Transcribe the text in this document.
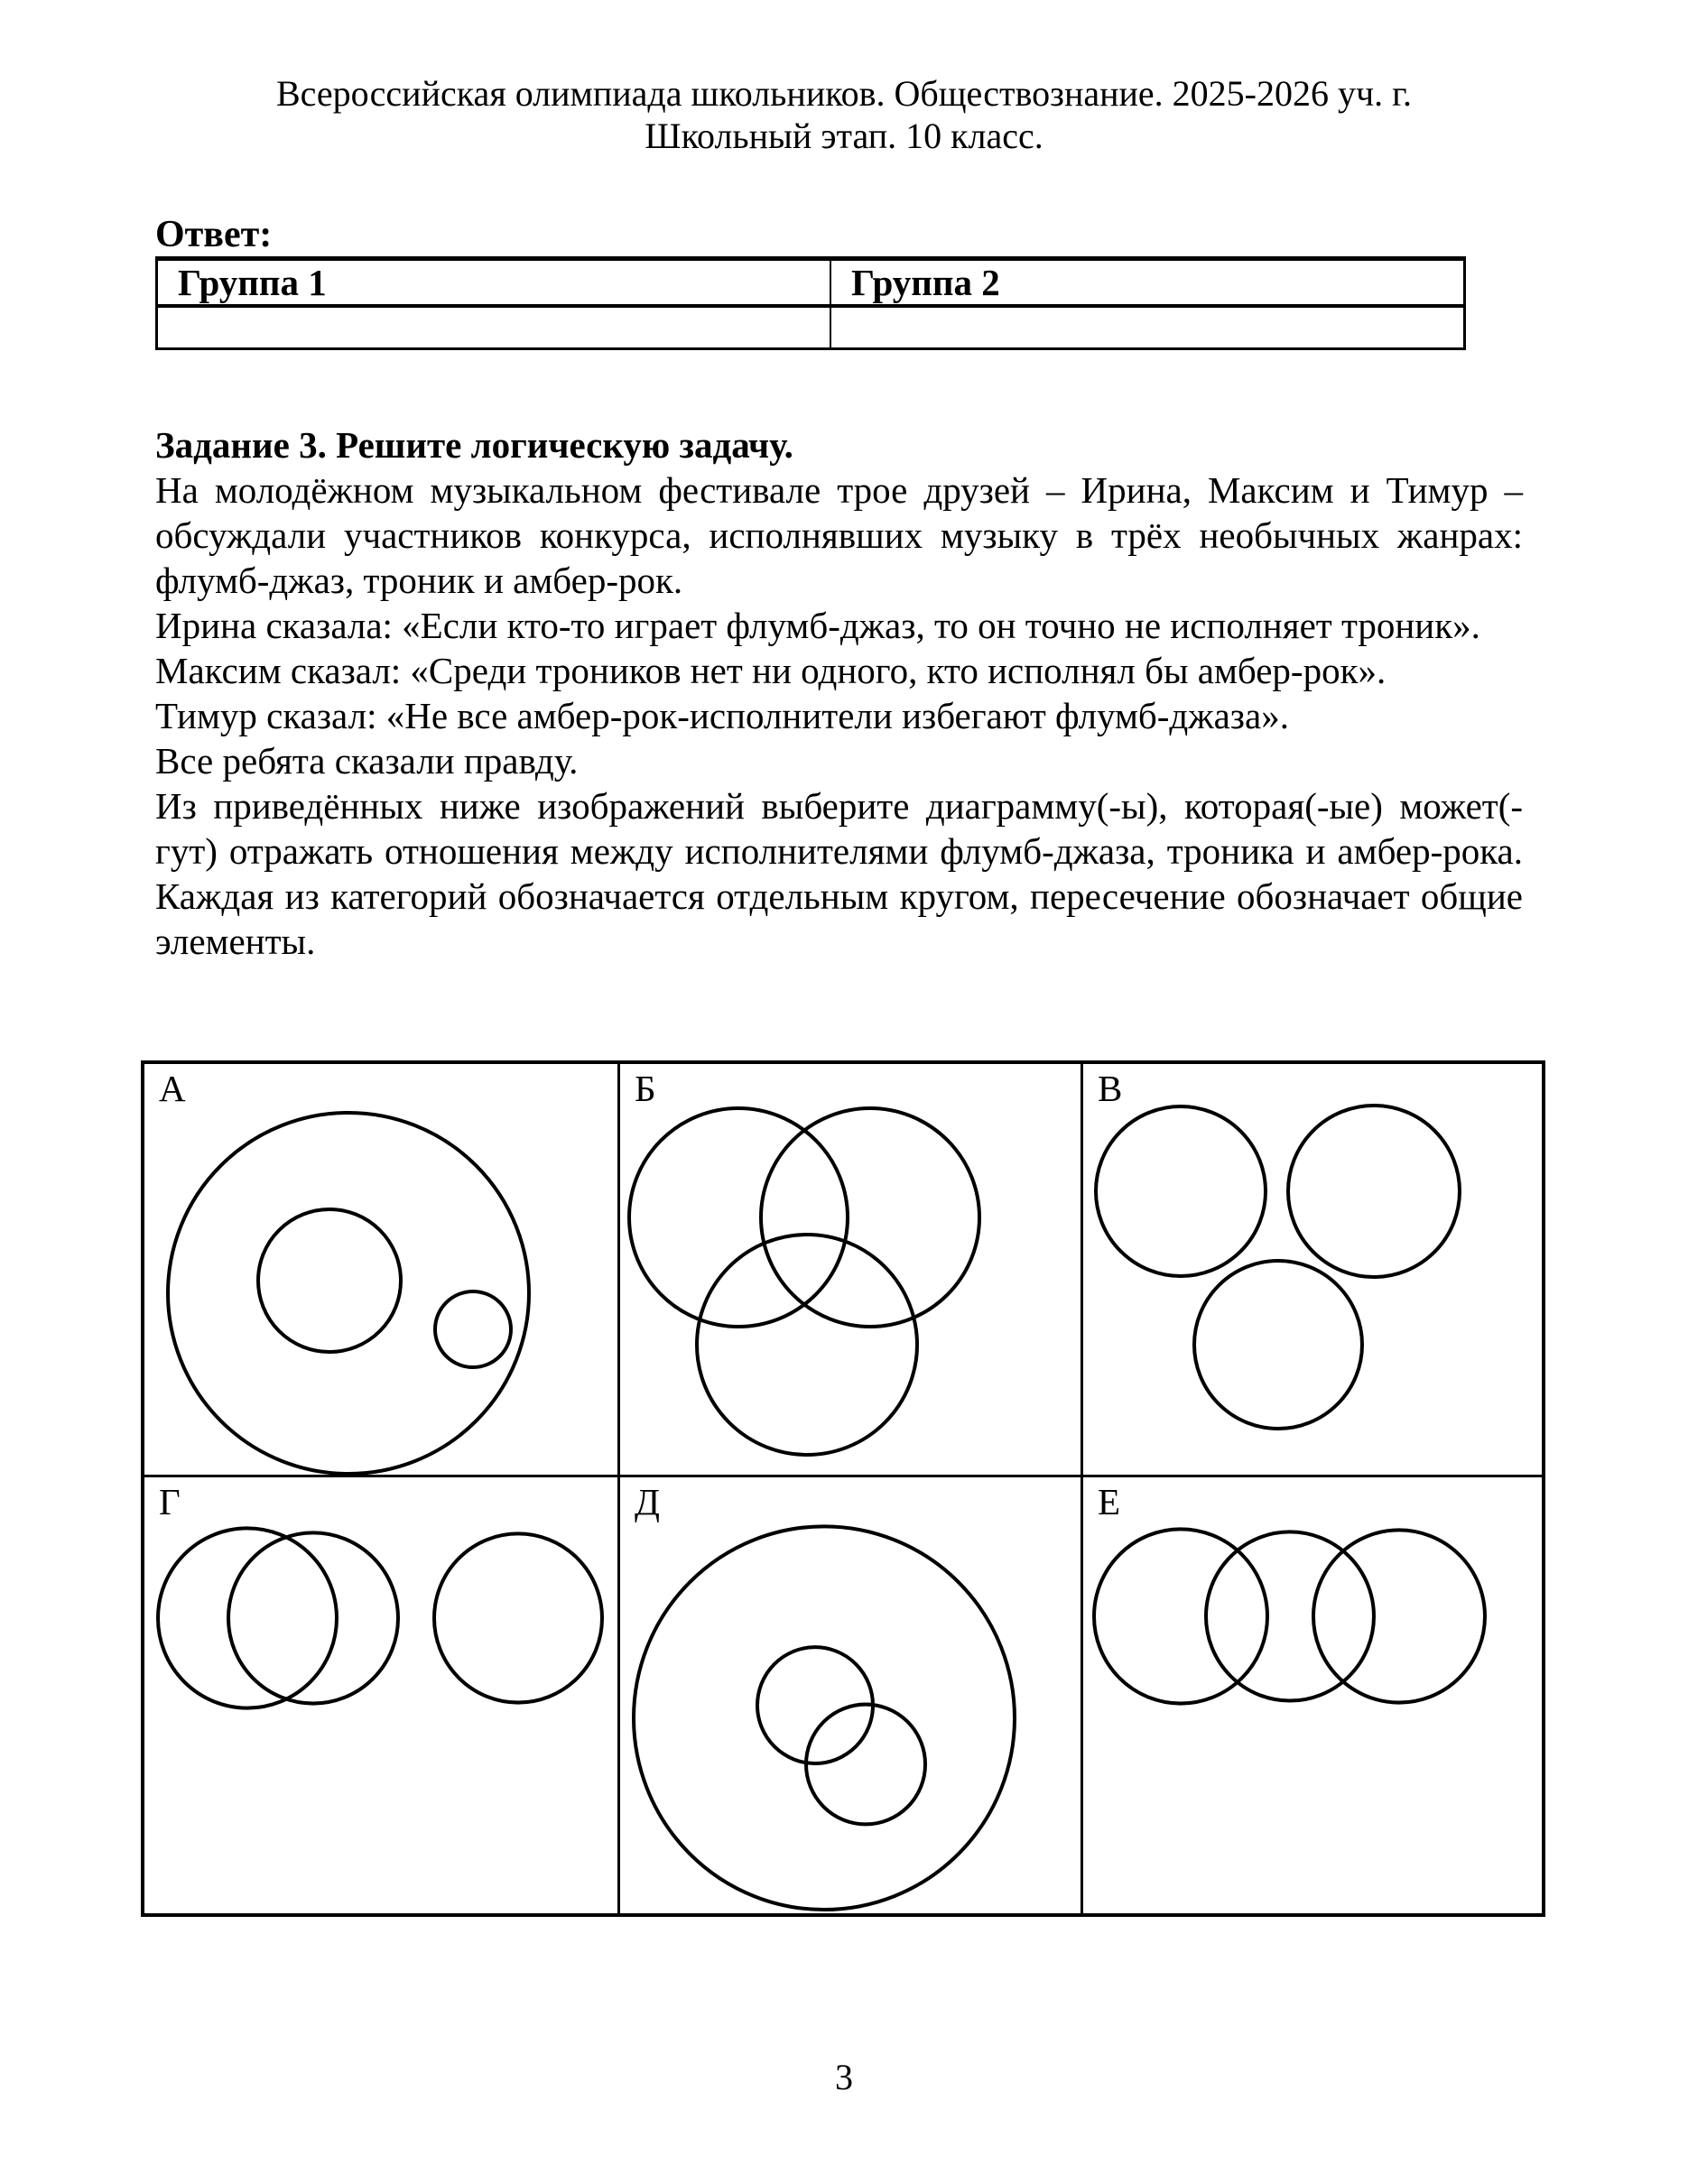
Всероссийская олимпиада школьников. Обществознание. 2025-2026 уч. г.
Школьный этап. 10 класс.
Ответ:
Группа 1	Группа 2

Задание 3. Решите логическую задачу.

На молодёжном музыкальном фестивале трое друзей – Ирина, Максим и Тимур – обсуждали участников конкурса, исполнявших музыку в трёх необычных жанрах: флумб-джаз, троник и амбер-рок.

Ирина сказала: «Если кто-то играет флумб-джаз, то он точно не исполняет троник».

Максим сказал: «Среди троников нет ни одного, кто исполнял бы амбер-рок».

Тимур сказал: «Не все амбер-рок-исполнители избегают флумб-джаза».

Все ребята сказали правду.

Из приведённых ниже изображений выберите диаграмму(-ы), которая(-ые) может(-гут) отражать отношения между исполнителями флумб-джаза, троника и амбер-рока. Каждая из категорий обозначается отдельным кругом, пересечение обозначает общие элементы.

А	Б	В
Г	Д	Е
3
